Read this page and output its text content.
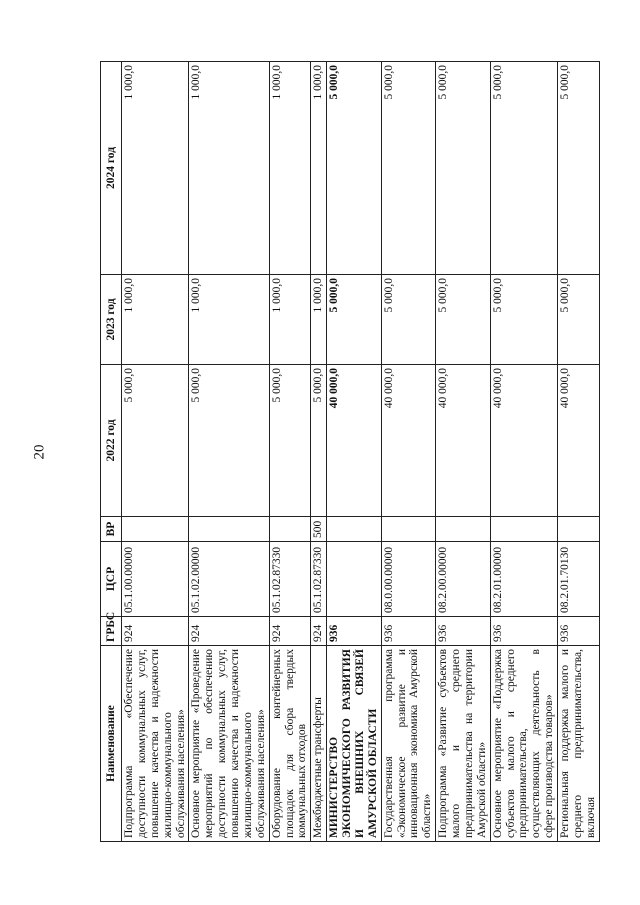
20
Наименование	ГРБС	ЦСР	ВР	2022 год	2023 год	2024 год
Подпрограмма «Обеспечение доступности коммунальных услуг, повышение качества и надежности жилищно-коммунального обслуживания населения»	924	05.1.00.00000		5 000,0	1 000,0	1 000,0
Основное мероприятие «Проведение мероприятий по обеспечению доступности коммунальных услуг, повышению качества и надежности жилищно-коммунального обслуживания населения»	924	05.1.02.00000		5 000,0	1 000,0	1 000,0
Оборудование контейнерных площадок для сбора твердых коммунальных отходов	924	05.1.02.87330		5 000,0	1 000,0	1 000,0
Межбюджетные трансферты	924	05.1.02.87330	500	5 000,0	1 000,0	1 000,0
МИНИСТЕРСТВО ЭКОНОМИЧЕСКОГО РАЗВИТИЯ И ВНЕШНИХ СВЯЗЕЙ АМУРСКОЙ ОБЛАСТИ	936			40 000,0	5 000,0	5 000,0
Государственная программа «Экономическое развитие и инновационная экономика Амурской области»	936	08.0.00.00000		40 000,0	5 000,0	5 000,0
Подпрограмма «Развитие субъектов малого и среднего предпринимательства на территории Амурской области»	936	08.2.00.00000		40 000,0	5 000,0	5 000,0
Основное мероприятие «Поддержка субъектов малого и среднего предпринимательства, осуществляющих деятельность в сфере производства товаров»	936	08.2.01.00000		40 000,0	5 000,0	5 000,0
Региональная поддержка малого и среднего предпринимательства, включая	936	08.2.01.70130		40 000,0	5 000,0	5 000,0
